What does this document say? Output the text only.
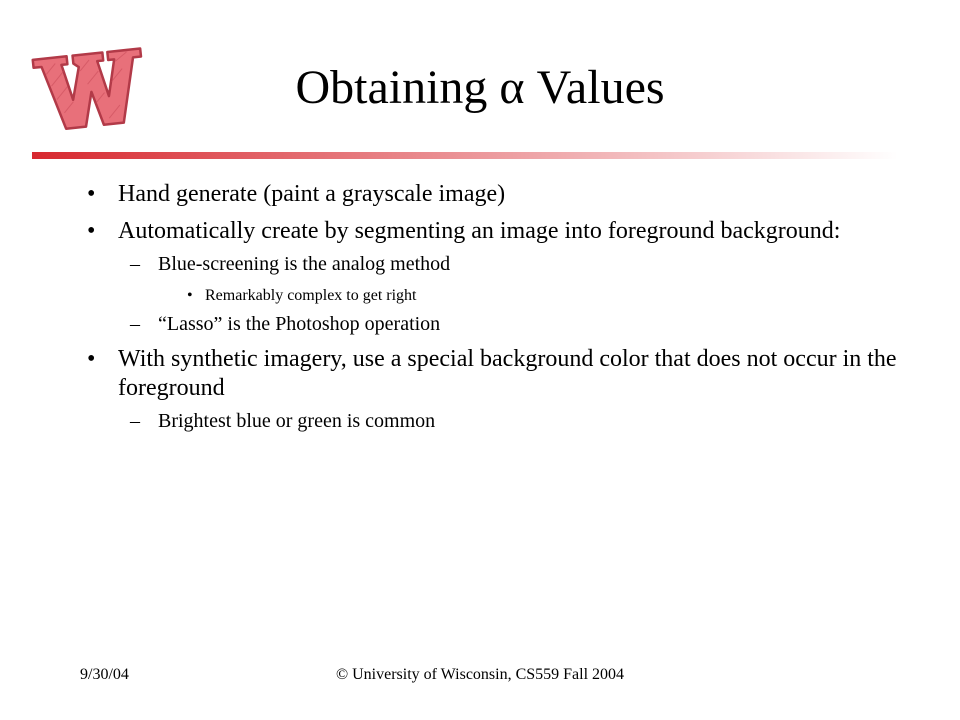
Obtaining α Values
• Hand generate (paint a grayscale image)
• Automatically create by segmenting an image into foreground background:
– Blue-screening is the analog method
• Remarkably complex to get right
– “Lasso” is the Photoshop operation
• With synthetic imagery, use a special background color that does not occur in the foreground
– Brightest blue or green is common
9/30/04	© University of Wisconsin, CS559 Fall 2004
